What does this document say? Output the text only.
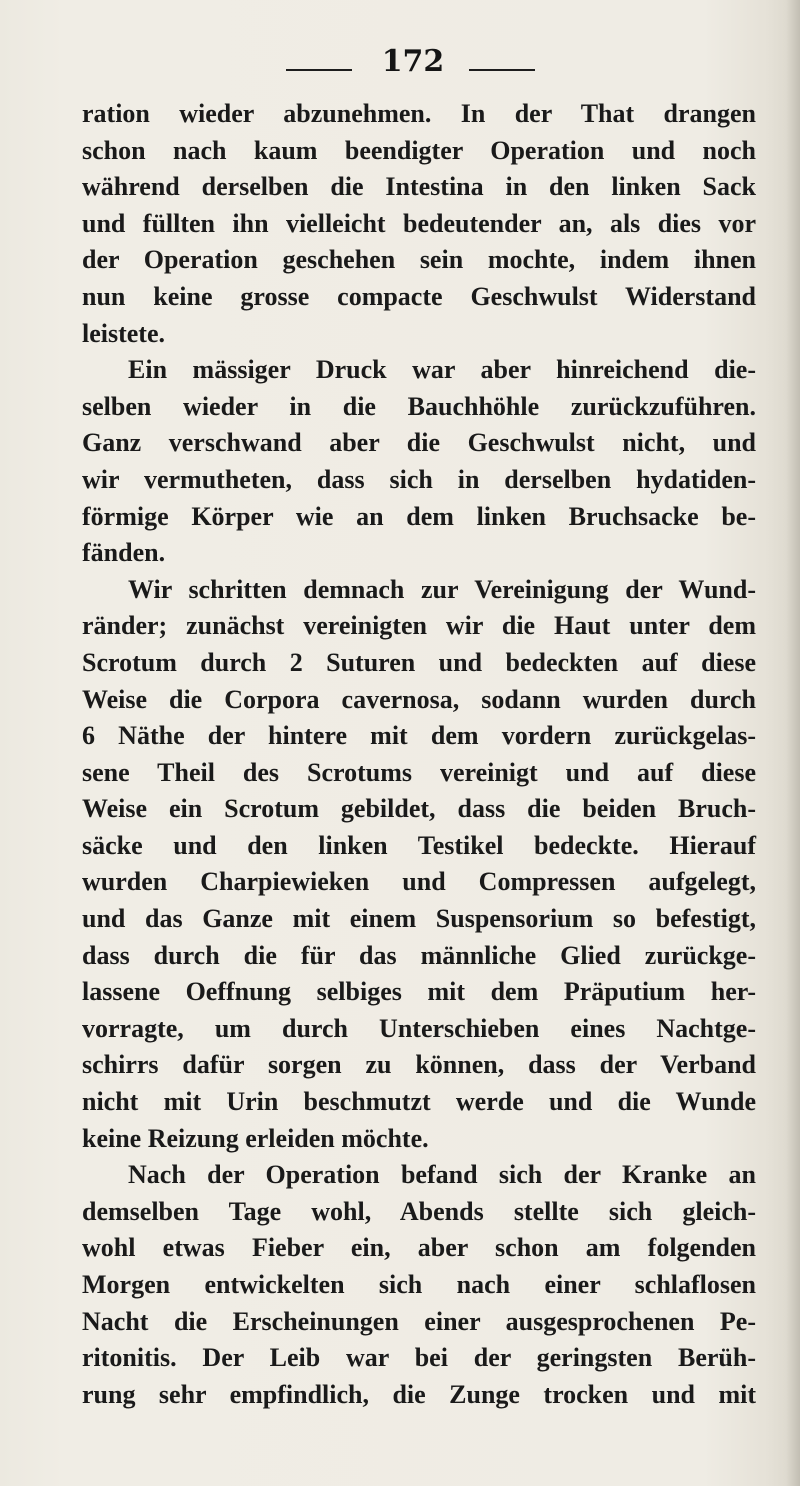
172
ration wieder abzunehmen. In der That drangen
schon nach kaum beendigter Operation und noch
während derselben die Intestina in den linken Sack
und füllten ihn vielleicht bedeutender an, als dies vor
der Operation geschehen sein mochte, indem ihnen
nun keine grosse compacte Geschwulst Widerstand
leistete.
Ein mässiger Druck war aber hinreichend die-
selben wieder in die Bauchhöhle zurückzuführen.
Ganz verschwand aber die Geschwulst nicht, und
wir vermutheten, dass sich in derselben hydatiden-
förmige Körper wie an dem linken Bruchsacke be-
fänden.
Wir schritten demnach zur Vereinigung der Wund-
ränder; zunächst vereinigten wir die Haut unter dem
Scrotum durch 2 Suturen und bedeckten auf diese
Weise die Corpora cavernosa, sodann wurden durch
6 Näthe der hintere mit dem vordern zurückgelas-
sene Theil des Scrotums vereinigt und auf diese
Weise ein Scrotum gebildet, dass die beiden Bruch-
säcke und den linken Testikel bedeckte. Hierauf
wurden Charpiewieken und Compressen aufgelegt,
und das Ganze mit einem Suspensorium so befestigt,
dass durch die für das männliche Glied zurückge-
lassene Oeffnung selbiges mit dem Präputium her-
vorragte, um durch Unterschieben eines Nachtge-
schirrs dafür sorgen zu können, dass der Verband
nicht mit Urin beschmutzt werde und die Wunde
keine Reizung erleiden möchte.
Nach der Operation befand sich der Kranke an
demselben Tage wohl, Abends stellte sich gleich-
wohl etwas Fieber ein, aber schon am folgenden
Morgen entwickelten sich nach einer schlaflosen
Nacht die Erscheinungen einer ausgesprochenen Pe-
ritonitis. Der Leib war bei der geringsten Berüh-
rung sehr empfindlich, die Zunge trocken und mit
